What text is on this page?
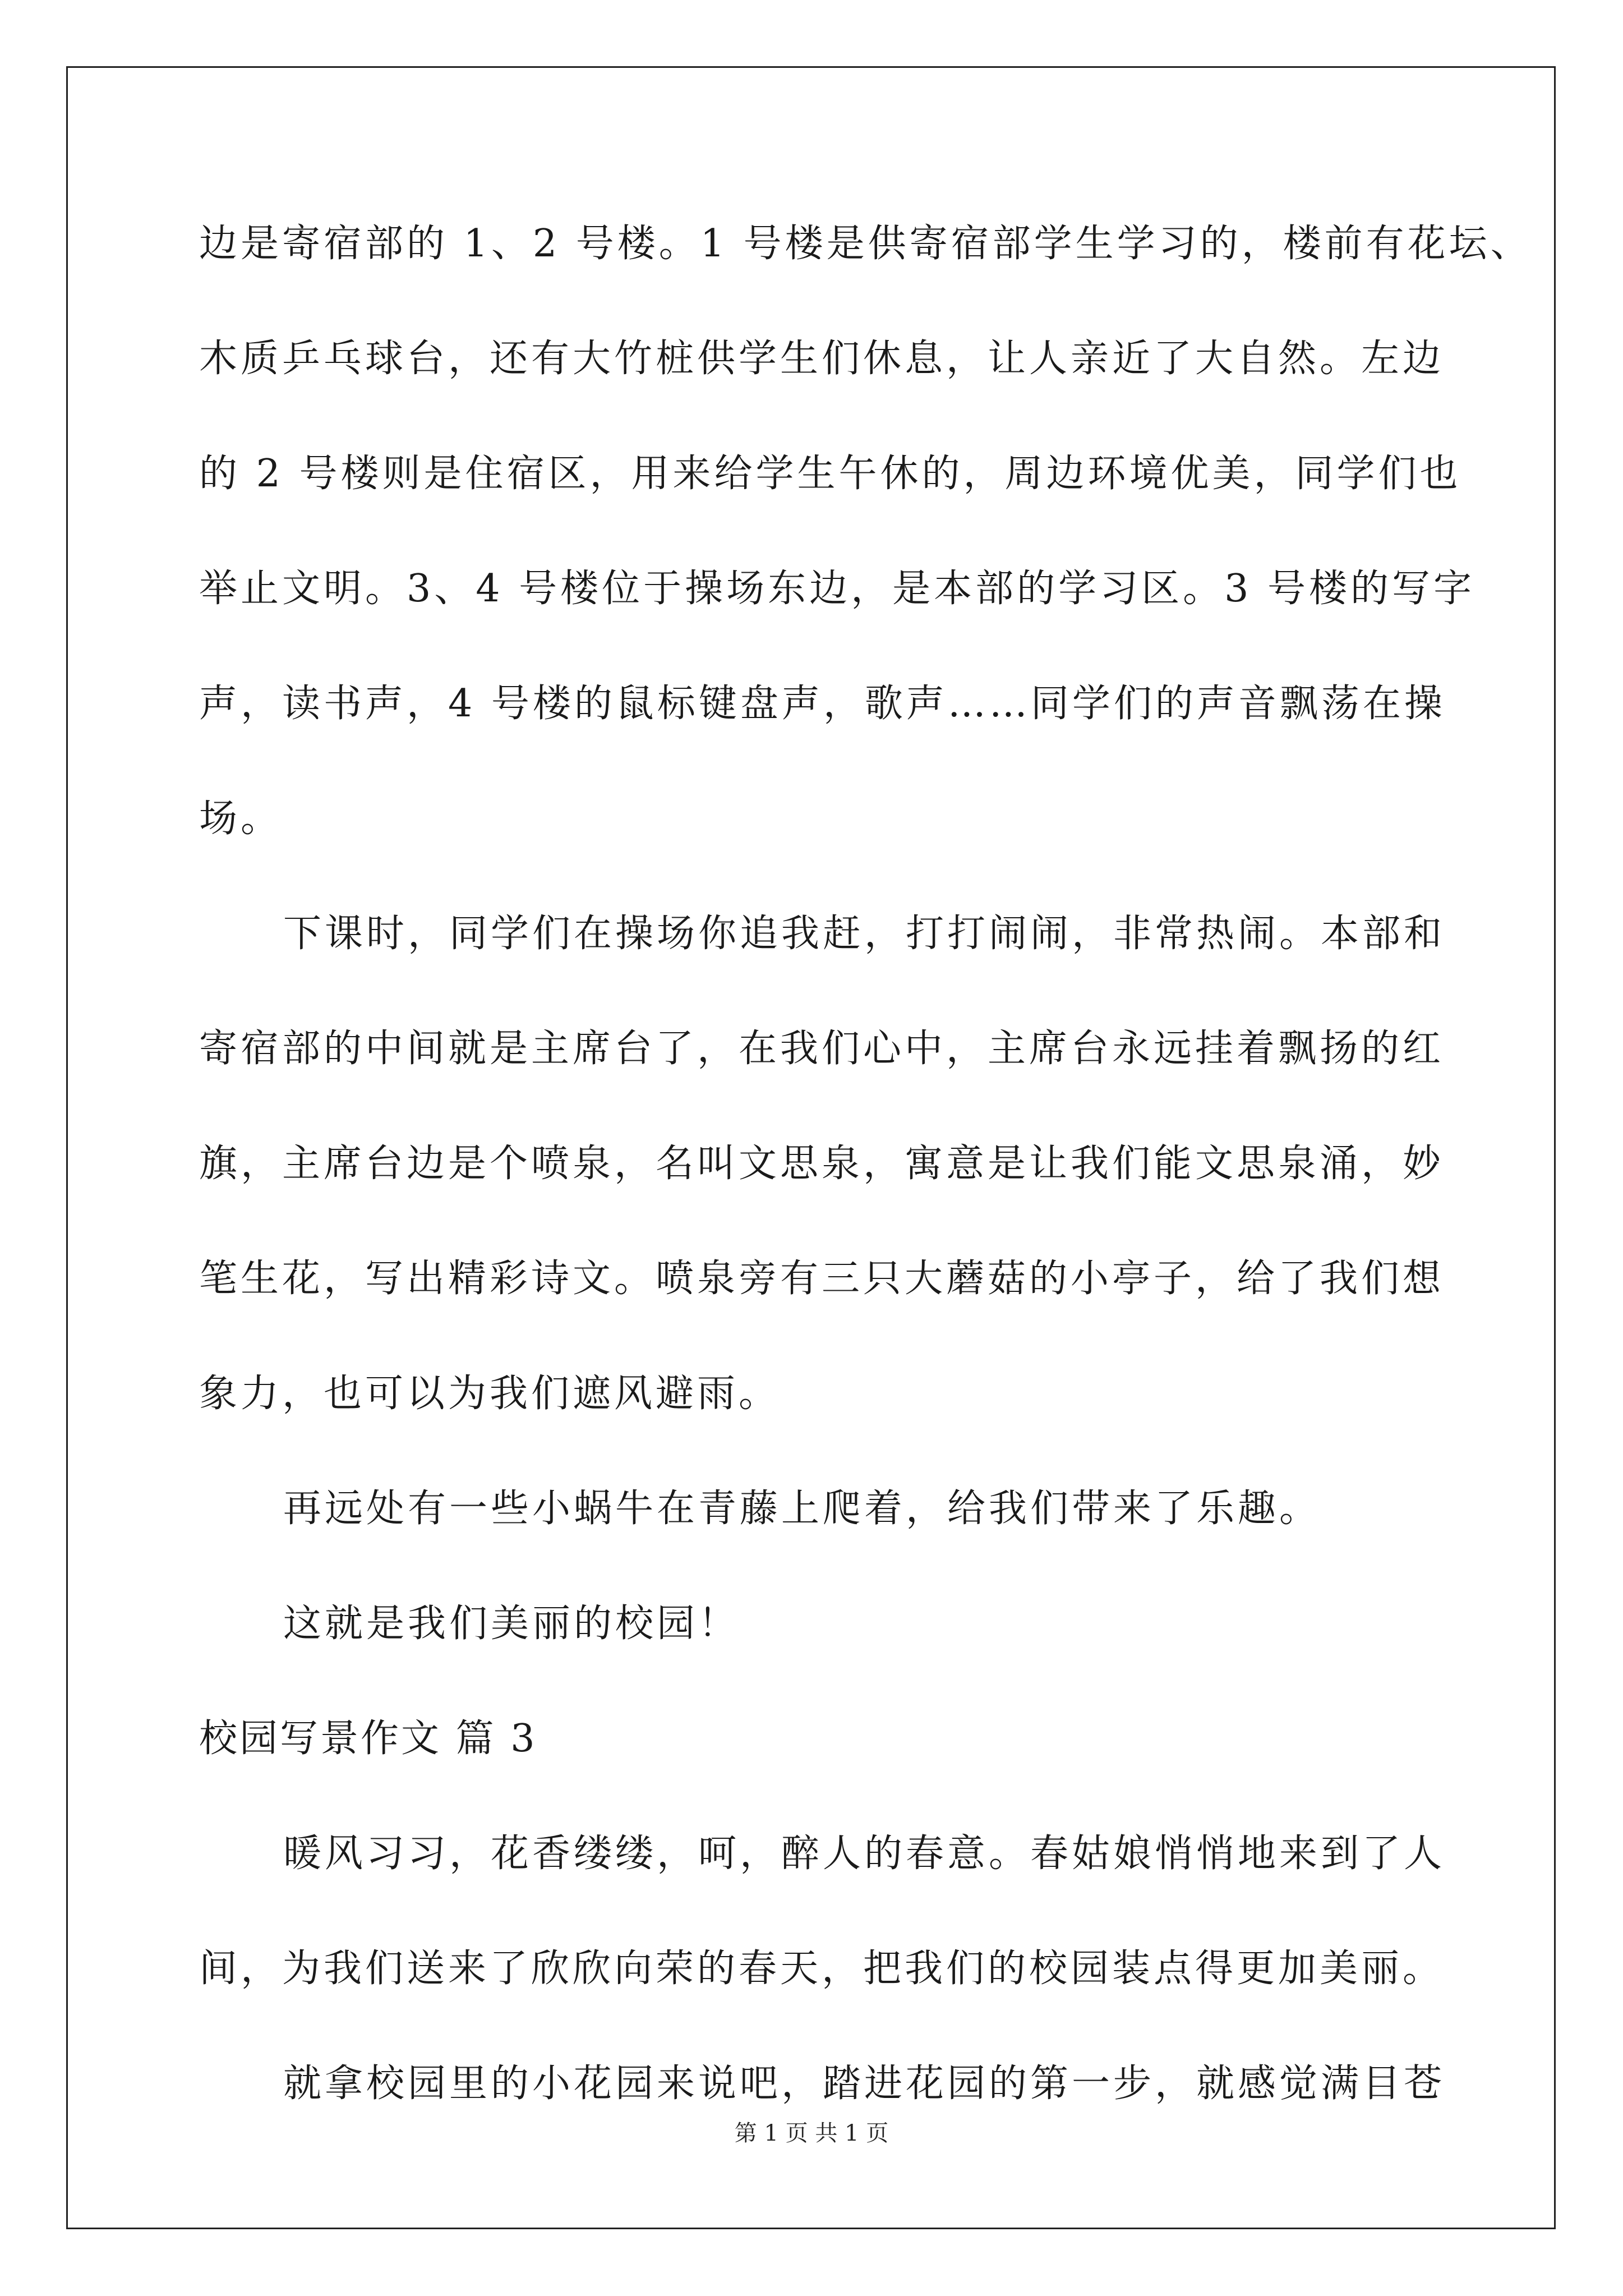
边是寄宿部的 1、2 号楼。1 号楼是供寄宿部学生学习的，楼前有花坛、
木质乒乓球台，还有大竹桩供学生们休息，让人亲近了大自然。左边
的 2 号楼则是住宿区，用来给学生午休的，周边环境优美，同学们也
举止文明。3、4 号楼位于操场东边，是本部的学习区。3 号楼的写字
声，读书声，4 号楼的鼠标键盘声，歌声……同学们的声音飘荡在操
场。
下课时，同学们在操场你追我赶，打打闹闹，非常热闹。本部和
寄宿部的中间就是主席台了，在我们心中，主席台永远挂着飘扬的红
旗，主席台边是个喷泉，名叫文思泉，寓意是让我们能文思泉涌，妙
笔生花，写出精彩诗文。喷泉旁有三只大蘑菇的小亭子，给了我们想
象力，也可以为我们遮风避雨。
再远处有一些小蜗牛在青藤上爬着，给我们带来了乐趣。
这就是我们美丽的校园！
校园写景作文 篇 3
暖风习习，花香缕缕，呵，醉人的春意。春姑娘悄悄地来到了人
间，为我们送来了欣欣向荣的春天，把我们的校园装点得更加美丽。
就拿校园里的小花园来说吧，踏进花园的第一步，就感觉满目苍
第 1 页 共 1 页
